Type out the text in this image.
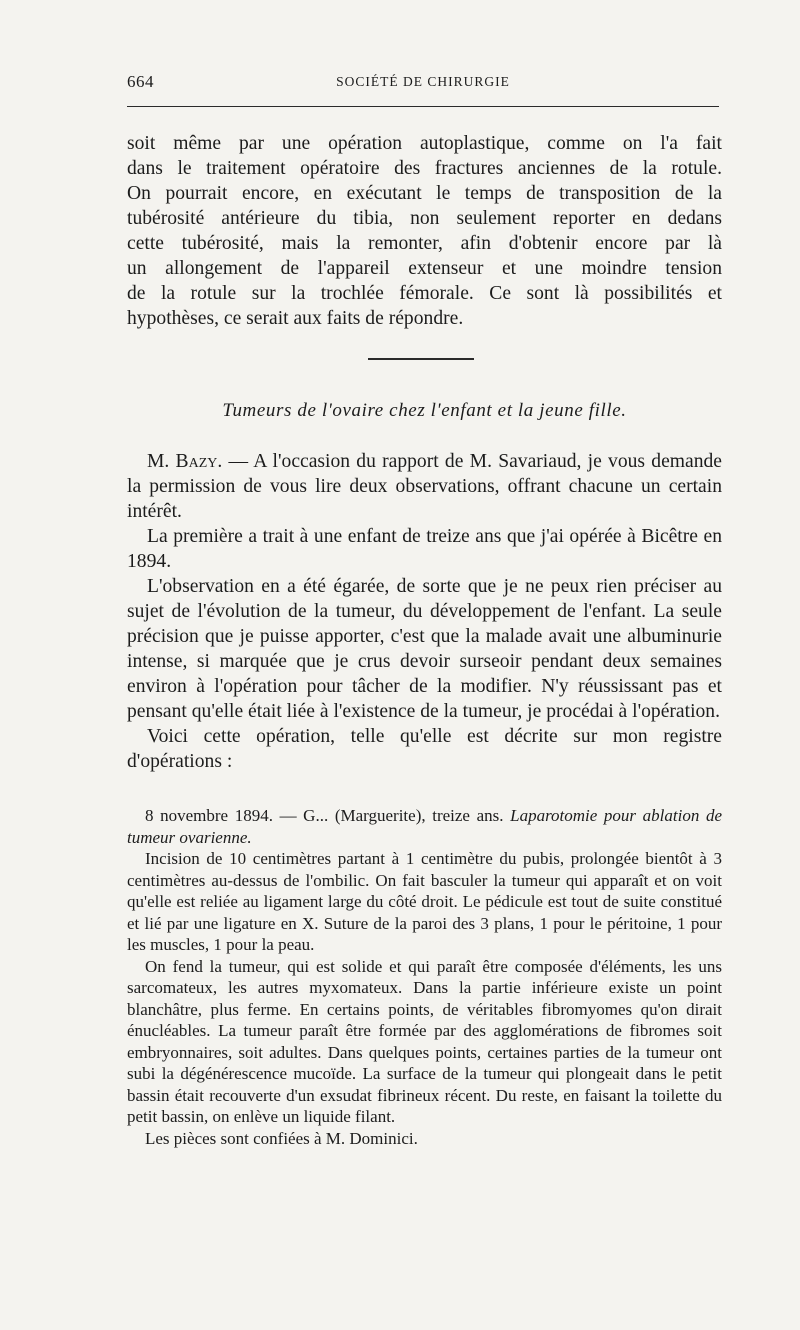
664	SOCIÉTÉ DE CHIRURGIE

soit même par une opération autoplastique, comme on l'a fait

dans le traitement opératoire des fractures anciennes de la rotule.

On pourrait encore, en exécutant le temps de transposition de la

tubérosité antérieure du tibia, non seulement reporter en dedans

cette tubérosité, mais la remonter, afin d'obtenir encore par là

un allongement de l'appareil extenseur et une moindre tension

de la rotule sur la trochlée fémorale. Ce sont là possibilités et

hypothèses, ce serait aux faits de répondre.

Tumeurs de l'ovaire chez l'enfant et la jeune fille.

M. Bazy. — A l'occasion du rapport de M. Savariaud, je vous demande la permission de vous lire deux observations, offrant chacune un certain intérêt.

La première a trait à une enfant de treize ans que j'ai opérée à Bicêtre en 1894.

L'observation en a été égarée, de sorte que je ne peux rien préciser au sujet de l'évolution de la tumeur, du développement de l'enfant. La seule précision que je puisse apporter, c'est que la malade avait une albuminurie intense, si marquée que je crus devoir surseoir pendant deux semaines environ à l'opération pour tâcher de la modifier. N'y réussissant pas et pensant qu'elle était liée à l'existence de la tumeur, je procédai à l'opération.

Voici cette opération, telle qu'elle est décrite sur mon registre d'opérations :

8 novembre 1894. — G... (Marguerite), treize ans. Laparotomie pour ablation de tumeur ovarienne.

Incision de 10 centimètres partant à 1 centimètre du pubis, prolongée bientôt à 3 centimètres au-dessus de l'ombilic. On fait basculer la tumeur qui apparaît et on voit qu'elle est reliée au ligament large du côté droit. Le pédicule est tout de suite constitué et lié par une ligature en X. Suture de la paroi des 3 plans, 1 pour le péritoine, 1 pour les muscles, 1 pour la peau.

On fend la tumeur, qui est solide et qui paraît être composée d'éléments, les uns sarcomateux, les autres myxomateux. Dans la partie inférieure existe un point blanchâtre, plus ferme. En certains points, de véritables fibromyomes qu'on dirait énucléables. La tumeur paraît être formée par des agglomérations de fibromes soit embryonnaires, soit adultes. Dans quelques points, certaines parties de la tumeur ont subi la dégénérescence mucoïde. La surface de la tumeur qui plongeait dans le petit bassin était recouverte d'un exsudat fibrineux récent. Du reste, en faisant la toilette du petit bassin, on enlève un liquide filant.

Les pièces sont confiées à M. Dominici.
